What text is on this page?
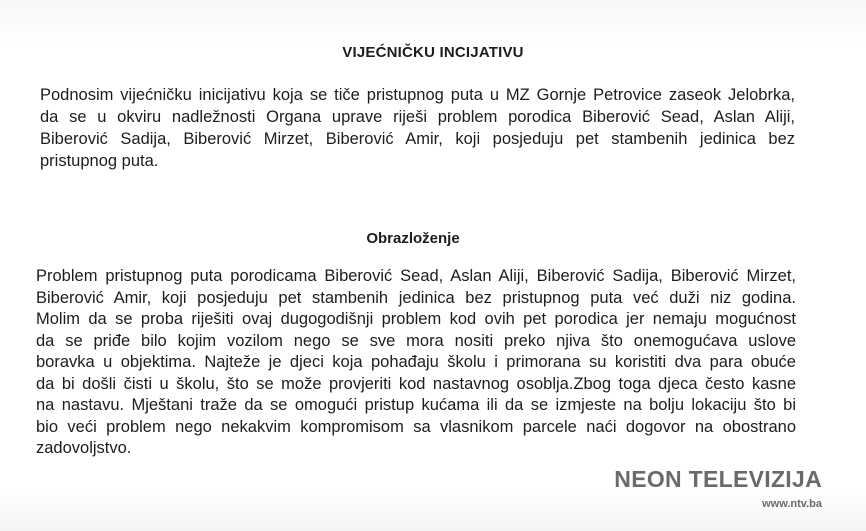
VIJEĆNIČKU INCIJATIVU
Podnosim vijećničku inicijativu koja se tiče pristupnog puta u MZ Gornje Petrovice zaseok Jelobrka,
da se u okviru nadležnosti Organa uprave riješi problem porodica Biberović Sead, Aslan Aliji,
Biberović Sadija, Biberović Mirzet, Biberović Amir, koji posjeduju pet stambenih jedinica bez
pristupnog puta.
Obrazloženje
Problem pristupnog puta porodicama Biberović Sead, Aslan Aliji, Biberović Sadija, Biberović Mirzet,
Biberović Amir, koji posjeduju pet stambenih jedinica bez pristupnog puta već duži niz godina.
Molim da se proba riješiti ovaj dugogodišnji problem kod ovih pet porodica jer nemaju mogućnost
da se priđe bilo kojim vozilom nego se sve mora nositi preko njiva što onemogućava uslove
boravka u objektima. Najteže je djeci koja pohađaju školu i primorana su koristiti dva para obuće
da bi došli čisti u školu, što se može provjeriti kod nastavnog osoblja.Zbog toga djeca često kasne
na nastavu. Mještani traže da se omogući pristup kućama ili da se izmjeste na bolju lokaciju što bi
bio veći problem nego nekakvim kompromisom sa vlasnikom parcele naći dogovor na obostrano
zadovoljstvo.
NEON TELEVIZIJA
www.ntv.ba
